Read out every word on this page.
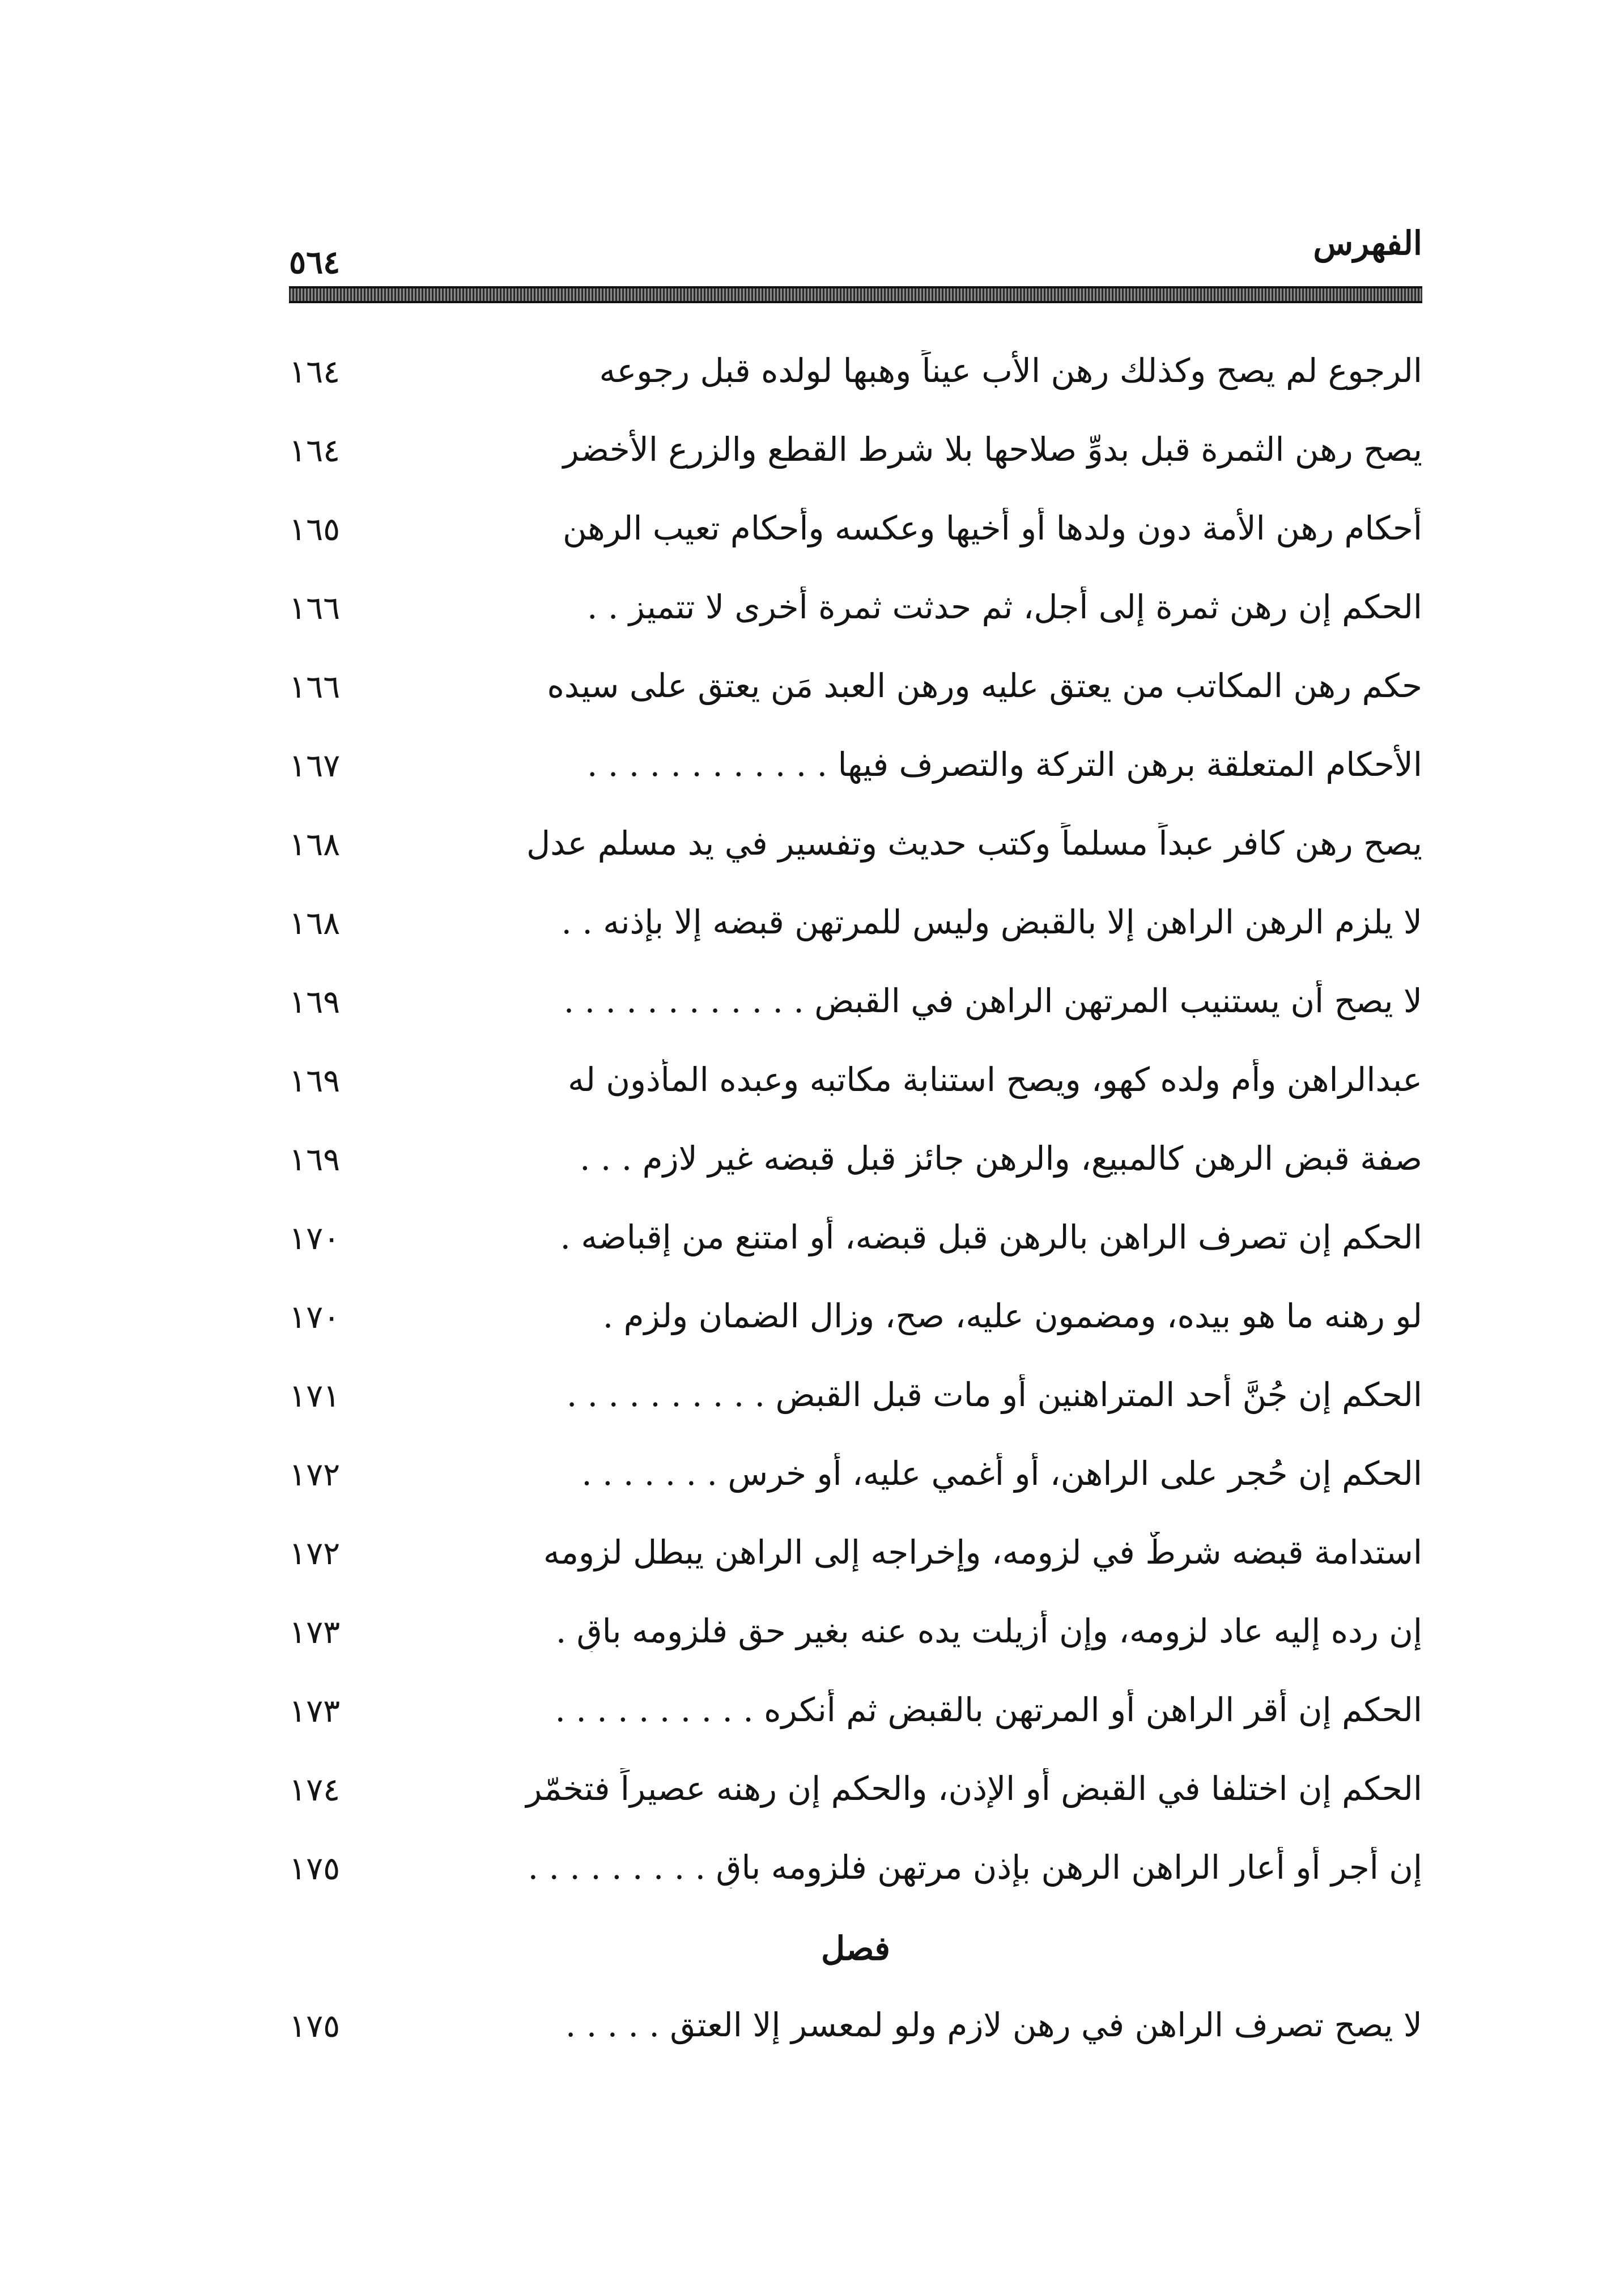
الفهرس
٥٦٤
الرجوع لم يصح وكذلك رهن الأب عيناً وهبها لولده قبل رجوعه
١٦٤
يصح رهن الثمرة قبل بدوِّ صلاحها بلا شرط القطع والزرع الأخضر
١٦٤
أحكام رهن الأمة دون ولدها أو أخيها وعكسه وأحكام تعيب الرهن
١٦٥
الحكم إن رهن ثمرة إلى أجل، ثم حدثت ثمرة أخرى لا تتميز . .
١٦٦
حكم رهن المكاتب من يعتق عليه ورهن العبد مَن يعتق على سيده
١٦٦
الأحكام المتعلقة برهن التركة والتصرف فيها . . . . . . . . . . . .
١٦٧
يصح رهن كافر عبداً مسلماً وكتب حديث وتفسير في يد مسلم عدل
١٦٨
لا يلزم الرهن الراهن إلا بالقبض وليس للمرتهن قبضه إلا بإذنه . .
١٦٨
لا يصح أن يستنيب المرتهن الراهن في القبض . . . . . . . . . . . .
١٦٩
عبدالراهن وأم ولده كهو، ويصح استنابة مكاتبه وعبده المأذون له
١٦٩
صفة قبض الرهن كالمبيع، والرهن جائز قبل قبضه غير لازم . . .
١٦٩
الحكم إن تصرف الراهن بالرهن قبل قبضه، أو امتنع من إقباضه .
١٧٠
لو رهنه ما هو بيده، ومضمون عليه، صح، وزال الضمان ولزم .
١٧٠
الحكم إن جُنَّ أحد المتراهنين أو مات قبل القبض . . . . . . . . . .
١٧١
الحكم إن حُجر على الراهن، أو أُغمي عليه، أو خرس . . . . . . .
١٧٢
استدامة قبضه شرطٌ في لزومه، وإخراجه إلى الراهن يبطل لزومه
١٧٢
إن رده إليه عاد لزومه، وإن أُزيلت يده عنه بغير حق فلزومه باقٍ .
١٧٣
الحكم إن أقر الراهن أو المرتهن بالقبض ثم أنكره . . . . . . . . . .
١٧٣
الحكم إن اختلفا في القبض أو الإذن، والحكم إن رهنه عصيراً فتخمّر
١٧٤
إن أجر أو أعار الراهن الرهن بإذن مرتهنٍ فلزومه باقٍ . . . . . . . . .
١٧٥
فصل
لا يصح تصرف الراهن في رهن لازم ولو لمعسر إلا العتق . . . . .
١٧٥
